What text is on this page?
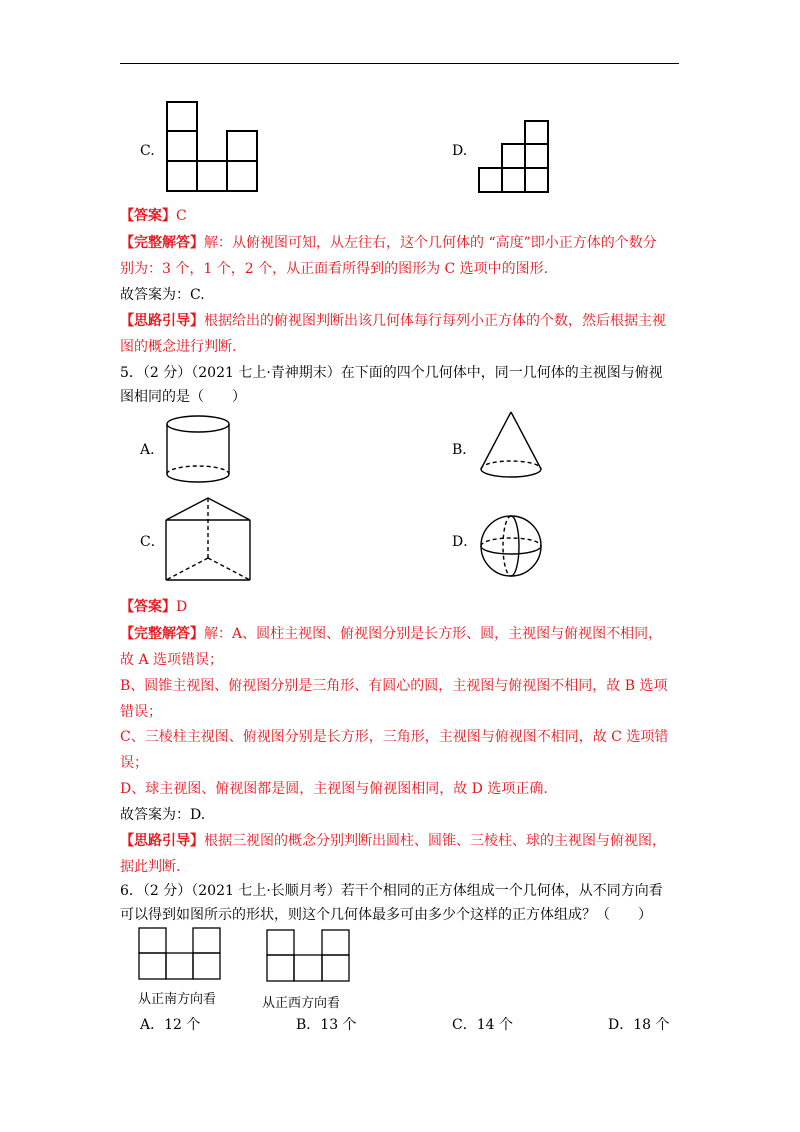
C.	D.
【答案】C
【完整解答】解：从俯视图可知，从左往右，这个几何体的 “高度”即小正方体的个数分
别为：3 个，1 个，2 个，从正面看所得到的图形为 C 选项中的图形.
故答案为：C.
【思路引导】根据给出的俯视图判断出该几何体每行每列小正方体的个数，然后根据主视
图的概念进行判断.
5．（2 分）（2021 七上·青神期末）在下面的四个几何体中，同一几何体的主视图与俯视
图相同的是（　　）
A．	B．
C．	D．
【答案】D
【完整解答】解：A、圆柱主视图、俯视图分别是长方形、圆，主视图与俯视图不相同，
故 A 选项错误；
B、圆锥主视图、俯视图分别是三角形、有圆心的圆，主视图与俯视图不相同，故 B 选项
错误；
C、三棱柱主视图、俯视图分别是长方形，三角形，主视图与俯视图不相同，故 C 选项错
误；
D、球主视图、俯视图都是圆，主视图与俯视图相同，故 D 选项正确.
故答案为：D.
【思路引导】根据三视图的概念分别判断出圆柱、圆锥、三棱柱、球的主视图与俯视图，
据此判断.
6．（2 分）（2021 七上·长顺月考）若干个相同的正方体组成一个几何体，从不同方向看
可以得到如图所示的形状，则这个几何体最多可由多少个这样的正方体组成？（　　）
从正南方向看	从正西方向看
A．12 个	B．13 个	C．14 个	D．18 个
